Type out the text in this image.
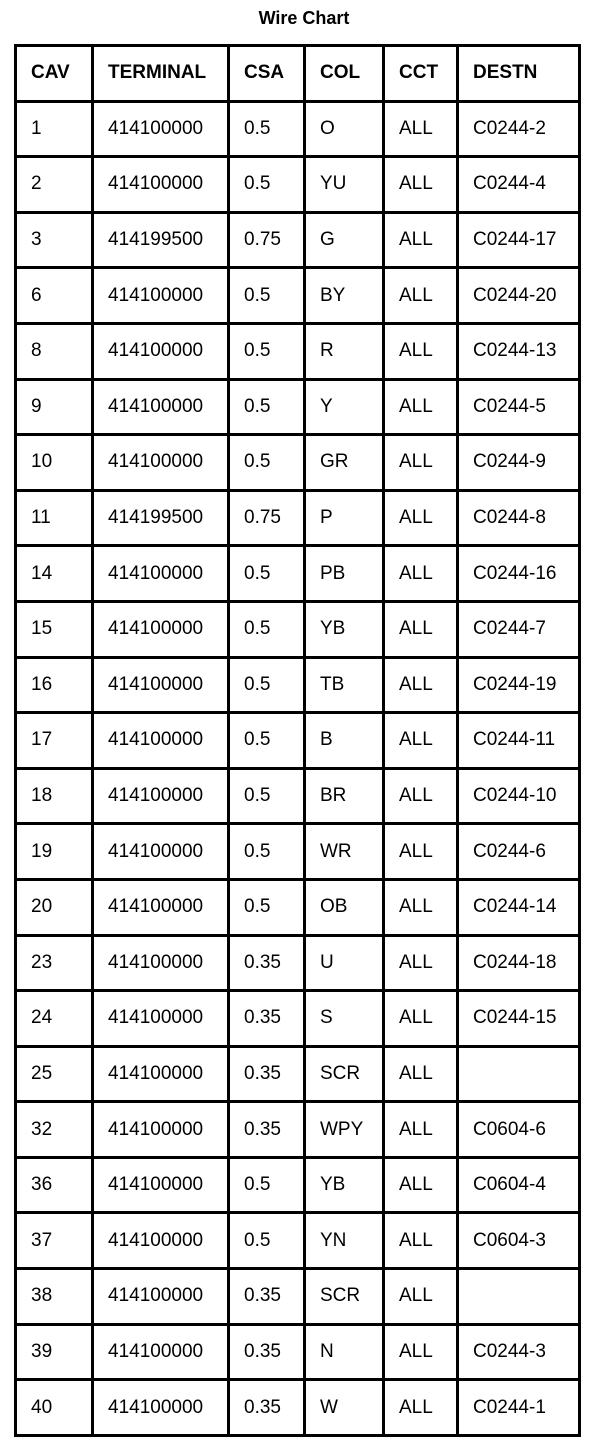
Wire Chart
CAV	TERMINAL	CSA	COL	CCT	DESTN
1	414100000	0.5	O	ALL	C0244-2
2	414100000	0.5	YU	ALL	C0244-4
3	414199500	0.75	G	ALL	C0244-17
6	414100000	0.5	BY	ALL	C0244-20
8	414100000	0.5	R	ALL	C0244-13
9	414100000	0.5	Y	ALL	C0244-5
10	414100000	0.5	GR	ALL	C0244-9
11	414199500	0.75	P	ALL	C0244-8
14	414100000	0.5	PB	ALL	C0244-16
15	414100000	0.5	YB	ALL	C0244-7
16	414100000	0.5	TB	ALL	C0244-19
17	414100000	0.5	B	ALL	C0244-11
18	414100000	0.5	BR	ALL	C0244-10
19	414100000	0.5	WR	ALL	C0244-6
20	414100000	0.5	OB	ALL	C0244-14
23	414100000	0.35	U	ALL	C0244-18
24	414100000	0.35	S	ALL	C0244-15
25	414100000	0.35	SCR	ALL	
32	414100000	0.35	WPY	ALL	C0604-6
36	414100000	0.5	YB	ALL	C0604-4
37	414100000	0.5	YN	ALL	C0604-3
38	414100000	0.35	SCR	ALL	
39	414100000	0.35	N	ALL	C0244-3
40	414100000	0.35	W	ALL	C0244-1
